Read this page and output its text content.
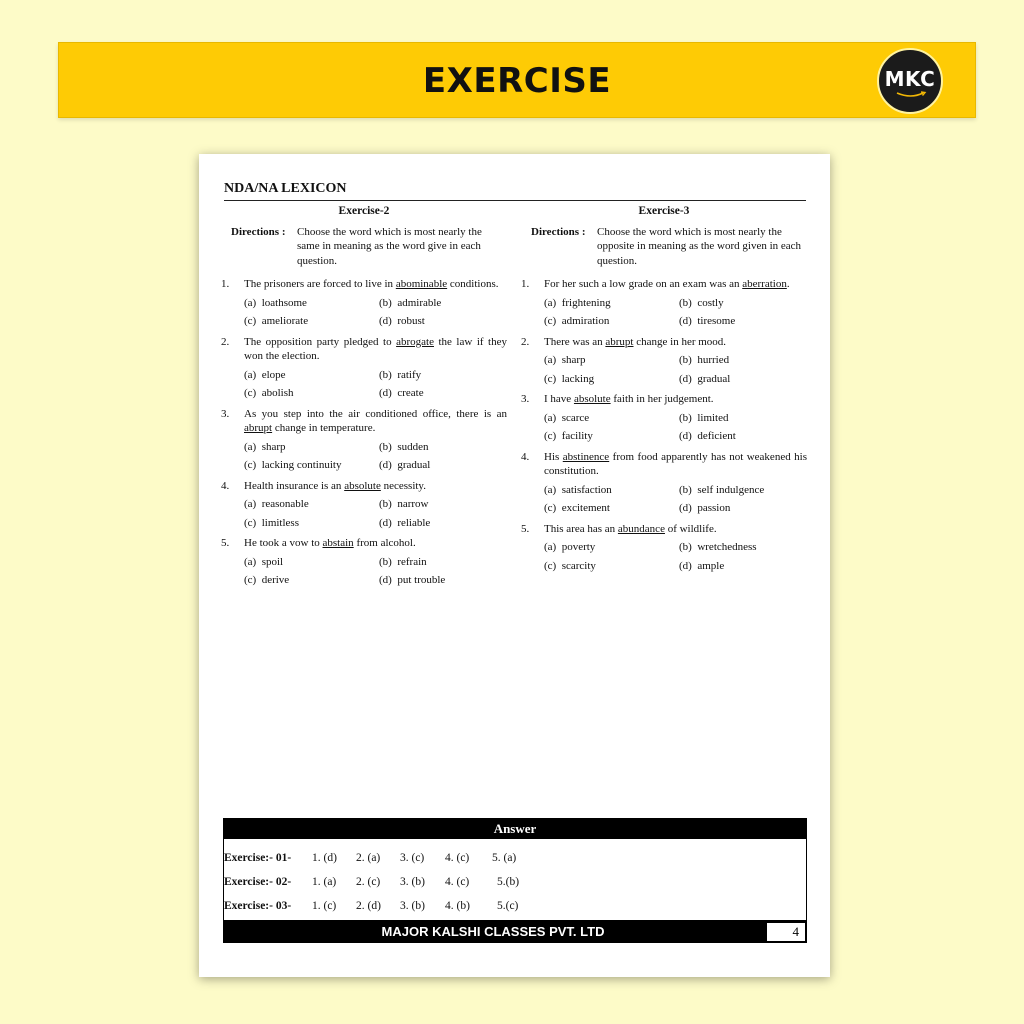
EXERCISE	MKC
NDA/NA LEXICON
Exercise-2
Directions :	Choose the word which is most nearly the same in meaning as the word give in each question.
1.	The prisoners are forced to live in abominable conditions.
(a)  loathsome	(b)  admirable
(c)  ameliorate	(d)  robust
2.	The opposition party pledged to abrogate the law if they won the election.
(a)  elope	(b)  ratify
(c)  abolish	(d)  create
3.	As you step into the air conditioned office, there is an abrupt change in temperature.
(a)  sharp	(b)  sudden
(c)  lacking continuity	(d)  gradual
4.	Health insurance is an absolute necessity.
(a)  reasonable	(b)  narrow
(c)  limitless	(d)  reliable
5.	He took a vow to abstain from alcohol.
(a)  spoil	(b)  refrain
(c)  derive	(d)  put trouble
Exercise-3
Directions :	Choose the word which is most nearly the opposite in meaning as the word given in each question.
1.	For her such a low grade on an exam was an aberration.
(a)  frightening	(b)  costly
(c)  admiration	(d)  tiresome
2.	There was an abrupt change in her mood.
(a)  sharp	(b)  hurried
(c)  lacking	(d)  gradual
3.	I have absolute faith in her judgement.
(a)  scarce	(b)  limited
(c)  facility	(d)  deficient
4.	His abstinence from food apparently has not weakened his constitution.
(a)  satisfaction	(b)  self indulgence
(c)  excitement	(d)  passion
5.	This area has an abundance of wildlife.
(a)  poverty	(b)  wretchedness
(c)  scarcity	(d)  ample
Answer
Exercise:- 01- 1. (d) 2. (a) 3. (c) 4. (c) 5. (a)
Exercise:- 02- 1. (a) 2. (c) 3. (b) 4. (c) 5.(b)
Exercise:- 03- 1. (c) 2. (d) 3. (b) 4. (b) 5.(c)
MAJOR KALSHI CLASSES PVT. LTD	4
